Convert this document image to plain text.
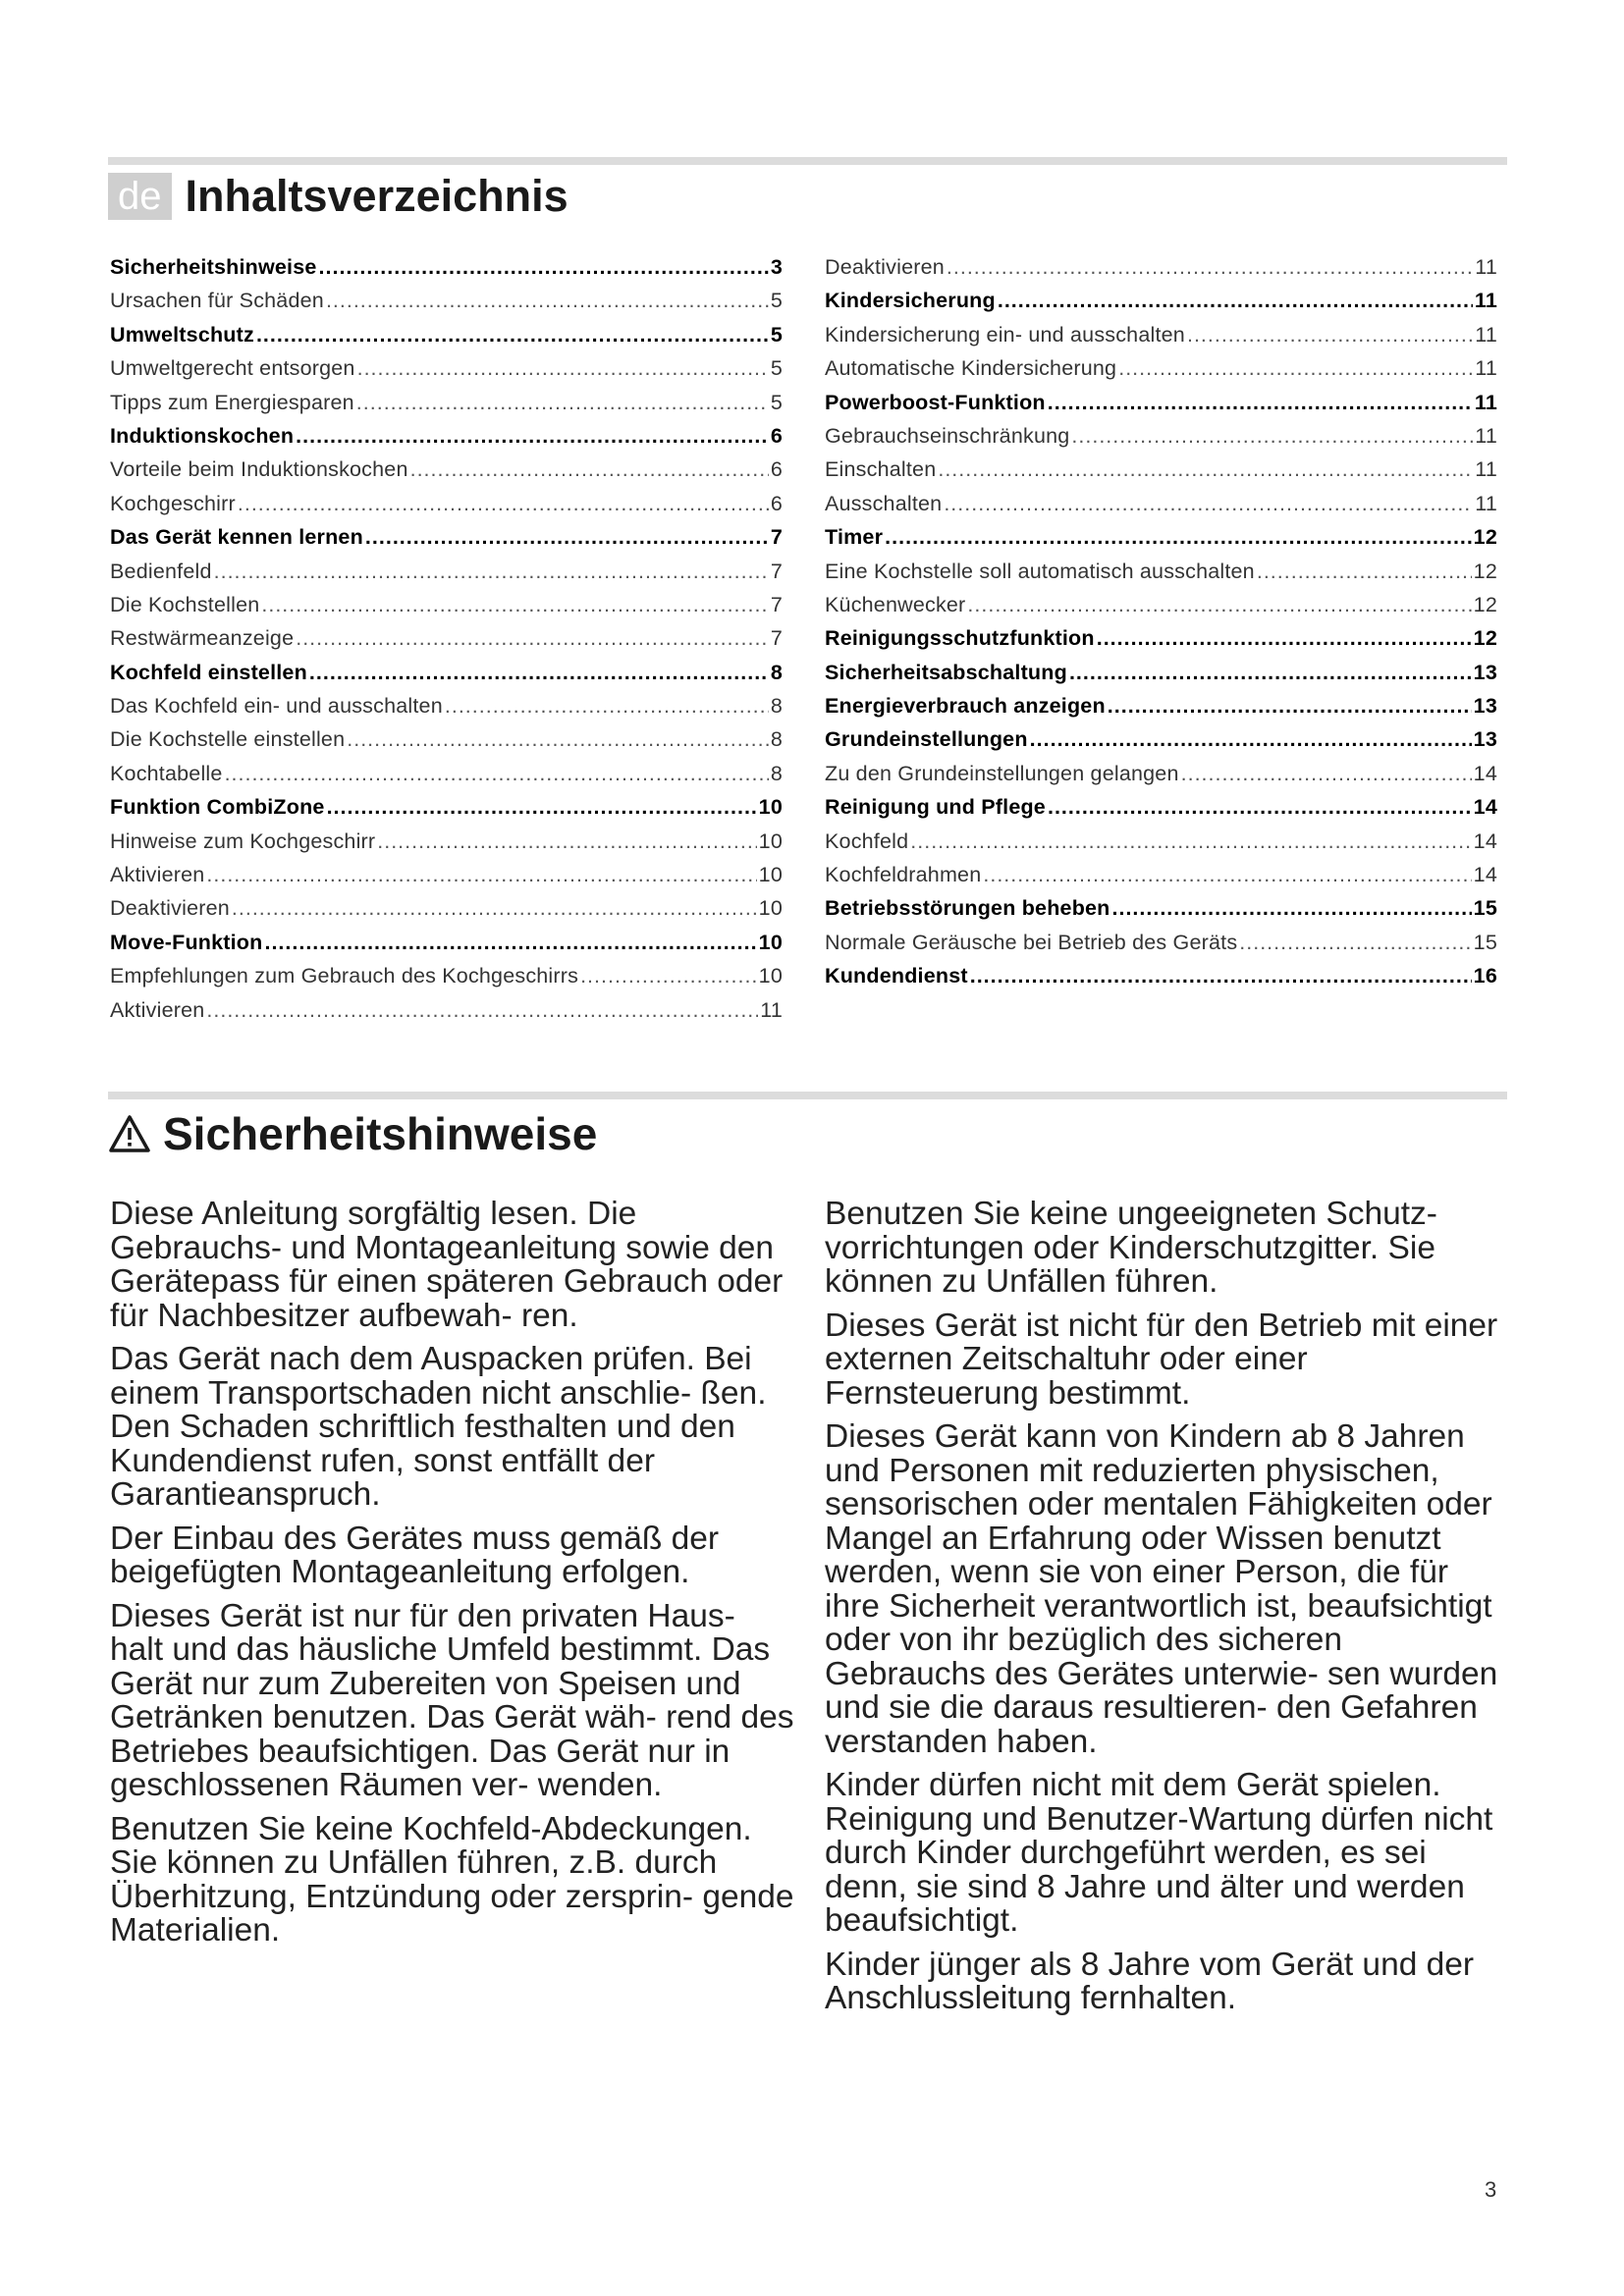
de Inhaltsverzeichnis
Sicherheitshinweise .....	3
Ursachen für Schäden .....	5
Umweltschutz .....	5
Umweltgerecht entsorgen .....	5
Tipps zum Energiesparen .....	5
Induktionskochen .....	6
Vorteile beim Induktionskochen .....	6
Kochgeschirr .....	6
Das Gerät kennen lernen .....	7
Bedienfeld .....	7
Die Kochstellen .....	7
Restwärmeanzeige .....	7
Kochfeld einstellen .....	8
Das Kochfeld ein- und ausschalten .....	8
Die Kochstelle einstellen .....	8
Kochtabelle .....	8
Funktion CombiZone .....	10
Hinweise zum Kochgeschirr .....	10
Aktivieren .....	10
Deaktivieren .....	10
Move-Funktion .....	10
Empfehlungen zum Gebrauch des Kochgeschirrs .....	10
Aktivieren .....	11
Deaktivieren .....	11
Kindersicherung .....	11
Kindersicherung ein- und ausschalten .....	11
Automatische Kindersicherung .....	11
Powerboost-Funktion .....	11
Gebrauchseinschränkung .....	11
Einschalten .....	11
Ausschalten .....	11
Timer .....	12
Eine Kochstelle soll automatisch ausschalten .....	12
Küchenwecker .....	12
Reinigungsschutzfunktion .....	12
Sicherheitsabschaltung .....	13
Energieverbrauch anzeigen .....	13
Grundeinstellungen .....	13
Zu den Grundeinstellungen gelangen .....	14
Reinigung und Pflege .....	14
Kochfeld .....	14
Kochfeldrahmen .....	14
Betriebsstörungen beheben .....	15
Normale Geräusche bei Betrieb des Geräts .....	15
Kundendienst .....	16
Sicherheitshinweise

Diese Anleitung sorgfältig lesen. Die Gebrauchs- und Montageanleitung sowie den Gerätepass für einen späteren Gebrauch oder für Nachbesitzer aufbewah- ren.

Das Gerät nach dem Auspacken prüfen. Bei einem Transportschaden nicht anschlie- ßen. Den Schaden schriftlich festhalten und den Kundendienst rufen, sonst entfällt der Garantieanspruch.

Der Einbau des Gerätes muss gemäß der beigefügten Montageanleitung erfolgen.

Dieses Gerät ist nur für den privaten Haus- halt und das häusliche Umfeld bestimmt. Das Gerät nur zum Zubereiten von Speisen und Getränken benutzen. Das Gerät wäh- rend des Betriebes beaufsichtigen. Das Gerät nur in geschlossenen Räumen ver- wenden.

Benutzen Sie keine Kochfeld-Abdeckungen. Sie können zu Unfällen führen, z.B. durch Überhitzung, Entzündung oder zersprin- gende Materialien.

Benutzen Sie keine ungeeigneten Schutz- vorrichtungen oder Kinderschutzgitter. Sie können zu Unfällen führen.

Dieses Gerät ist nicht für den Betrieb mit einer externen Zeitschaltuhr oder einer Fernsteuerung bestimmt.

Dieses Gerät kann von Kindern ab 8 Jahren und Personen mit reduzierten physischen, sensorischen oder mentalen Fähigkeiten oder Mangel an Erfahrung oder Wissen benutzt werden, wenn sie von einer Person, die für ihre Sicherheit verantwortlich ist, beaufsichtigt oder von ihr bezüglich des sicheren Gebrauchs des Gerätes unterwie- sen wurden und sie die daraus resultieren- den Gefahren verstanden haben.

Kinder dürfen nicht mit dem Gerät spielen. Reinigung und Benutzer-Wartung dürfen nicht durch Kinder durchgeführt werden, es sei denn, sie sind 8 Jahre und älter und werden beaufsichtigt.

Kinder jünger als 8 Jahre vom Gerät und der Anschlussleitung fernhalten.

3
